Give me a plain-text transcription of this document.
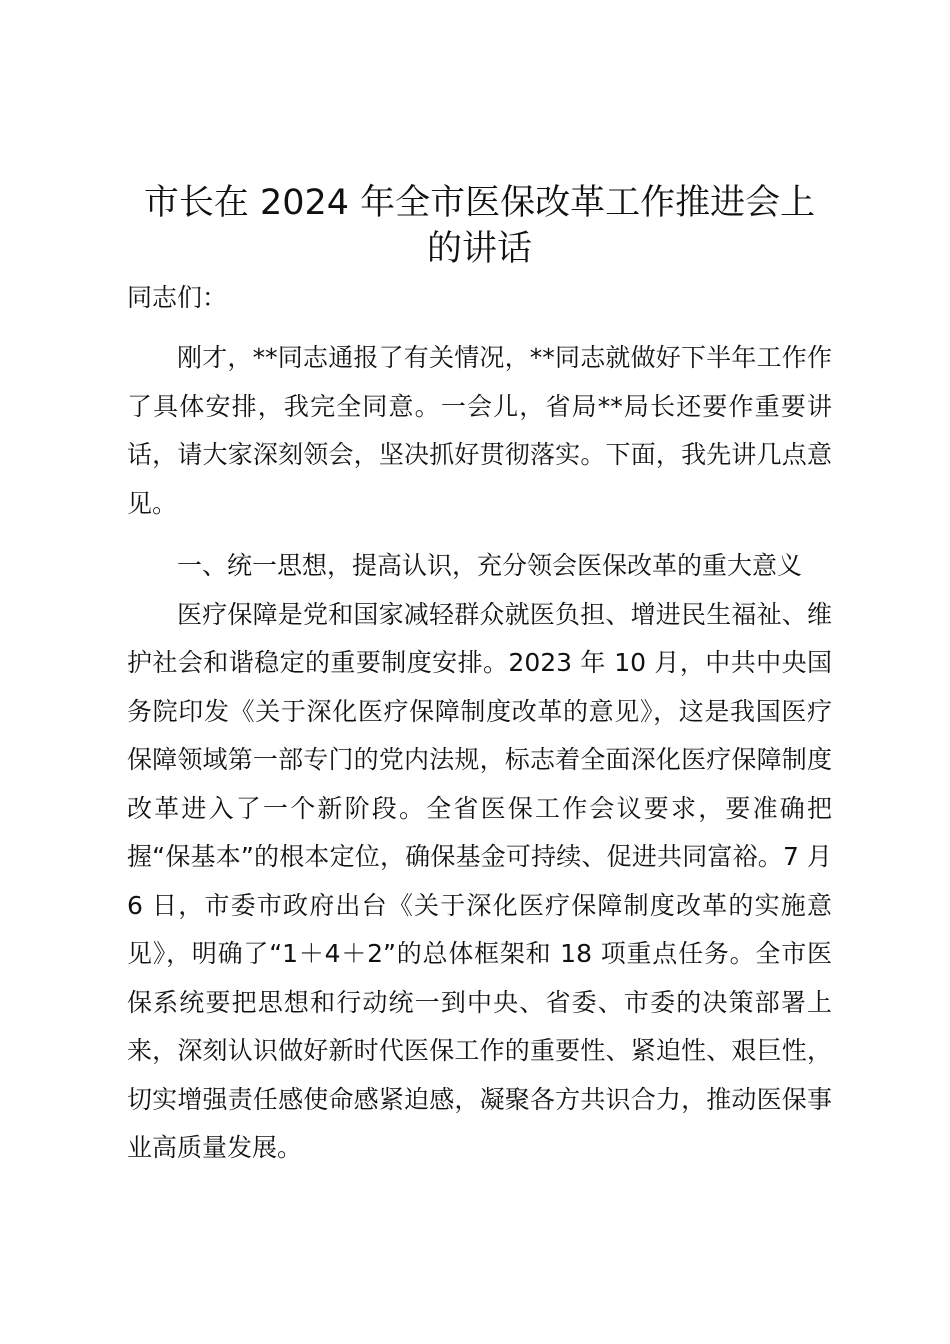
市长在 2024 年全市医保改革工作推进会上的讲话

同志们：

刚才，**同志通报了有关情况，**同志就做好下半年工作作了具体安排，我完全同意。一会儿，省局**局长还要作重要讲话，请大家深刻领会，坚决抓好贯彻落实。下面，我先讲几点意见。

一、统一思想，提高认识，充分领会医保改革的重大意义

医疗保障是党和国家减轻群众就医负担、增进民生福祉、维护社会和谐稳定的重要制度安排。2023 年 10 月，中共中央国务院印发《关于深化医疗保障制度改革的意见》，这是我国医疗保障领域第一部专门的党内法规，标志着全面深化医疗保障制度改革进入了一个新阶段。全省医保工作会议要求，要准确把握“保基本”的根本定位，确保基金可持续、促进共同富裕。7 月 6 日，市委市政府出台《关于深化医疗保障制度改革的实施意见》，明确了“1＋4＋2”的总体框架和 18 项重点任务。全市医保系统要把思想和行动统一到中央、省委、市委的决策部署上来，深刻认识做好新时代医保工作的重要性、紧迫性、艰巨性，切实增强责任感使命感紧迫感，凝聚各方共识合力，推动医保事业高质量发展。
